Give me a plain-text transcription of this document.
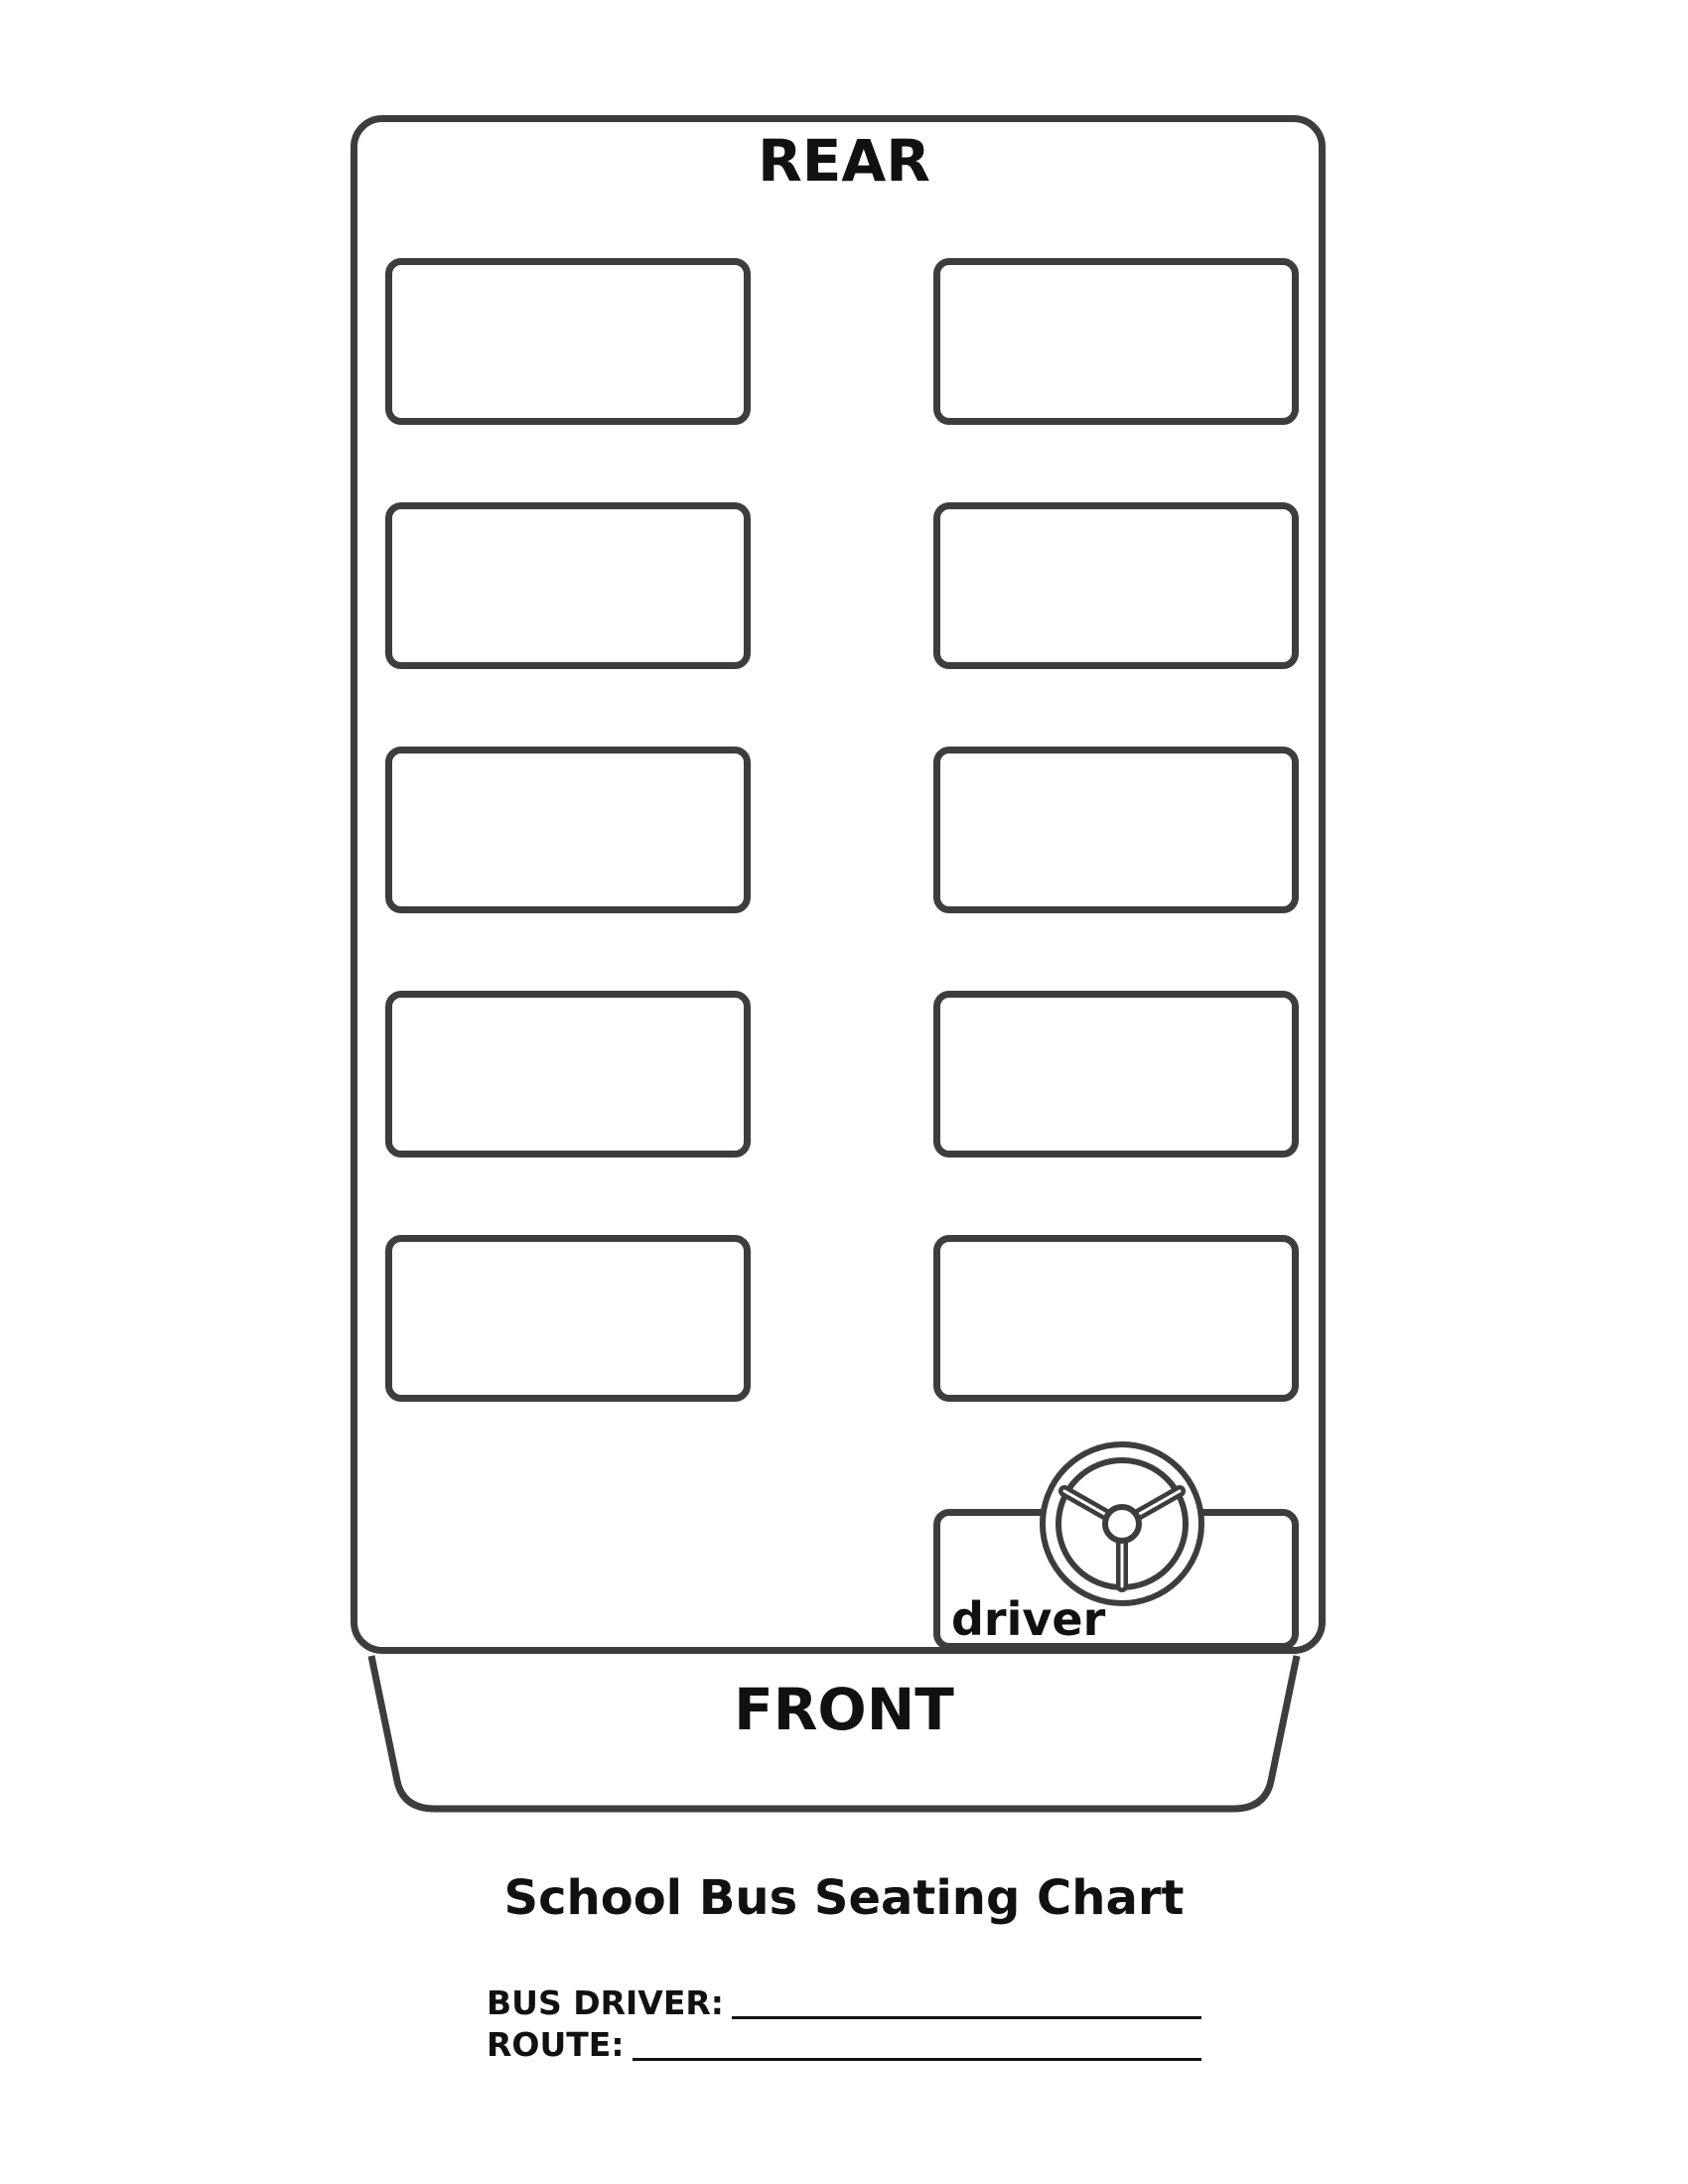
REAR
driver
FRONT
School Bus Seating Chart
BUS DRIVER:
ROUTE:
